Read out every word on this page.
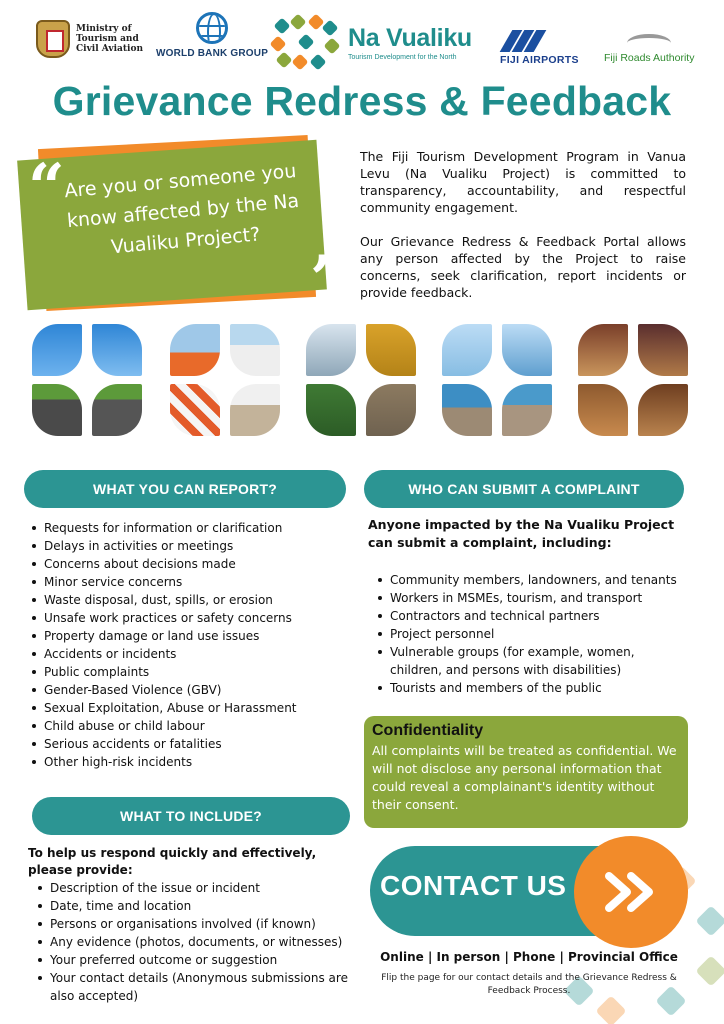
Ministry of
Tourism and
Civil Aviation WORLD BANK GROUP
Na Vualiku
Tourism Development for the North	FIJI AIRPORTS Fiji Roads Authority
Grievance Redress & Feedback
“
Are you or someone you know affected by the Na Vualiku Project?
”

The Fiji Tourism Development Program in Vanua Levu (Na Vualiku Project) is committed to transparency, accountability, and respectful community engagement.

Our Grievance Redress & Feedback Portal allows any person affected by the Project to raise concerns, seek clarification, report incidents or provide feedback.

WHAT YOU CAN REPORT?
Requests for information or clarification
Delays in activities or meetings
Concerns about decisions made
Minor service concerns
Waste disposal, dust, spills, or erosion
Unsafe work practices or safety concerns
Property damage or land use issues
Accidents or incidents
Public complaints
Gender-Based Violence (GBV)
Sexual Exploitation, Abuse or Harassment
Child abuse or child labour
Serious accidents or fatalities
Other high-risk incidents
WHO CAN SUBMIT A COMPLAINT
Anyone impacted by the Na Vualiku Project can submit a complaint, including:
Community members, landowners, and tenants
Workers in MSMEs, tourism, and transport
Contractors and technical partners
Project personnel
Vulnerable groups (for example, women, children, and persons with disabilities)
Tourists and members of the public
Confidentiality
All complaints will be treated as confidential. We will not disclose any personal information that could reveal a complainant's identity without their consent.
WHAT TO INCLUDE?
To help us respond quickly and effectively, please provide:
Description of the issue or incident
Date, time and location
Persons or organisations involved (if known)
Any evidence (photos, documents, or witnesses)
Your preferred outcome or suggestion
Your contact details (Anonymous submissions are also accepted)
CONTACT US
Online | In person | Phone | Provincial Office
Flip the page for our contact details and the Grievance Redress & Feedback Process.
